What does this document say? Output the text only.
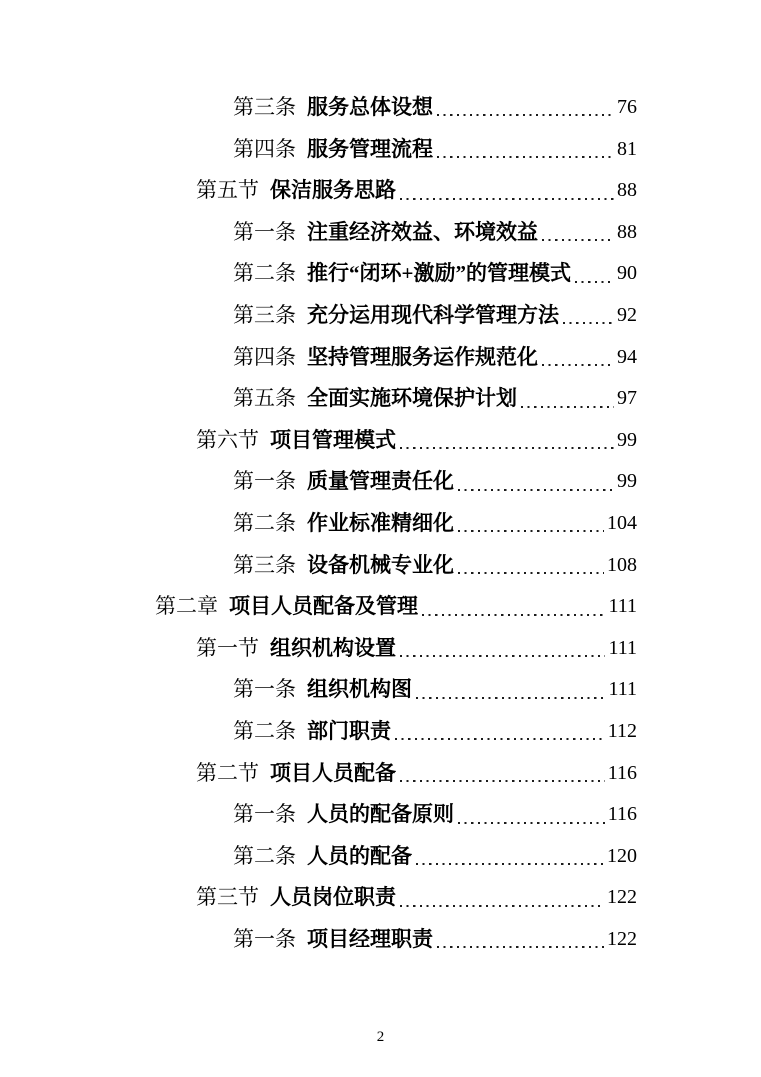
第三条 服务总体设想	76
第四条 服务管理流程	81
第五节 保洁服务思路	88
第一条 注重经济效益、环境效益	88
第二条 推行“闭环+激励”的管理模式 90
第三条 充分运用现代科学管理方法	92
第四条 坚持管理服务运作规范化	94
第五条 全面实施环境保护计划	97
第六节 项目管理模式	99
第一条 质量管理责任化	99
第二条 作业标准精细化	104
第三条 设备机械专业化	108
第二章 项目人员配备及管理	111
第一节 组织机构设置	111
第一条 组织机构图	111
第二条 部门职责	112
第二节 项目人员配备	116
第一条 人员的配备原则	116
第二条 人员的配备	120
第三节 人员岗位职责	122
第一条 项目经理职责	122
2
